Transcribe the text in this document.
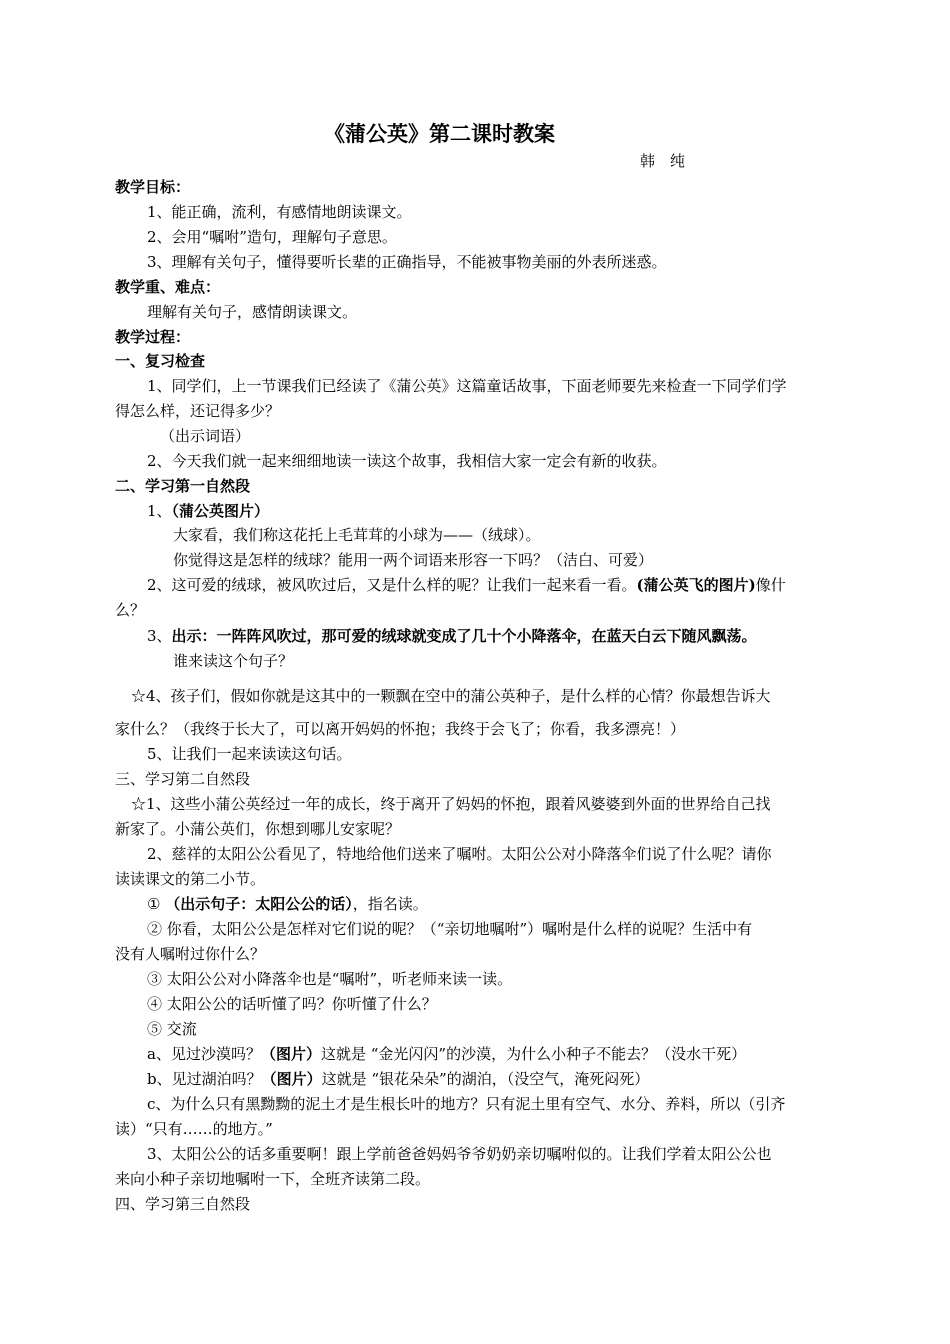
《蒲公英》第二课时教案

韩　纯

教学目标：

1、能正确，流利，有感情地朗读课文。

2、会用“嘱咐”造句，理解句子意思。

3、理解有关句子，懂得要听长辈的正确指导，不能被事物美丽的外表所迷惑。

教学重、难点：

理解有关句子，感情朗读课文。

教学过程：

一、复习检查

1、同学们，上一节课我们已经读了《蒲公英》这篇童话故事，下面老师要先来检查一下同学们学

得怎么样，还记得多少？

（出示词语）

2、今天我们就一起来细细地读一读这个故事，我相信大家一定会有新的收获。

二、学习第一自然段

1、（蒲公英图片）

大家看，我们称这花托上毛茸茸的小球为——（绒球）。

你觉得这是怎样的绒球？能用一两个词语来形容一下吗？（洁白、可爱）

2、这可爱的绒球，被风吹过后，又是什么样的呢？让我们一起来看一看。(蒲公英飞的图片)像什

么？

3、出示：一阵阵风吹过，那可爱的绒球就变成了几十个小降落伞，在蓝天白云下随风飘荡。

谁来读这个句子？

☆4、孩子们，假如你就是这其中的一颗飘在空中的蒲公英种子，是什么样的心情？你最想告诉大

家什么？（我终于长大了，可以离开妈妈的怀抱；我终于会飞了；你看，我多漂亮！）

5、让我们一起来读读这句话。

三、学习第二自然段

☆1、这些小蒲公英经过一年的成长，终于离开了妈妈的怀抱，跟着风婆婆到外面的世界给自己找

新家了。小蒲公英们，你想到哪儿安家呢？

2、慈祥的太阳公公看见了，特地给他们送来了嘱咐。太阳公公对小降落伞们说了什么呢？请你

读读课文的第二小节。

① （出示句子：太阳公公的话），指名读。

② 你看，太阳公公是怎样对它们说的呢？（“亲切地嘱咐”）嘱咐是什么样的说呢？生活中有

没有人嘱咐过你什么？

③ 太阳公公对小降落伞也是“嘱咐”，听老师来读一读。

④ 太阳公公的话听懂了吗？你听懂了什么？

⑤ 交流

a、见过沙漠吗？（图片）这就是 “金光闪闪”的沙漠，为什么小种子不能去？（没水干死）

b、见过湖泊吗？（图片）这就是 “银花朵朵”的湖泊，（没空气，淹死闷死）

c、为什么只有黑黝黝的泥土才是生根长叶的地方？只有泥土里有空气、水分、养料，所以（引齐

读）“只有……的地方。”

3、太阳公公的话多重要啊！跟上学前爸爸妈妈爷爷奶奶亲切嘱咐似的。让我们学着太阳公公也

来向小种子亲切地嘱咐一下，全班齐读第二段。

四、学习第三自然段
